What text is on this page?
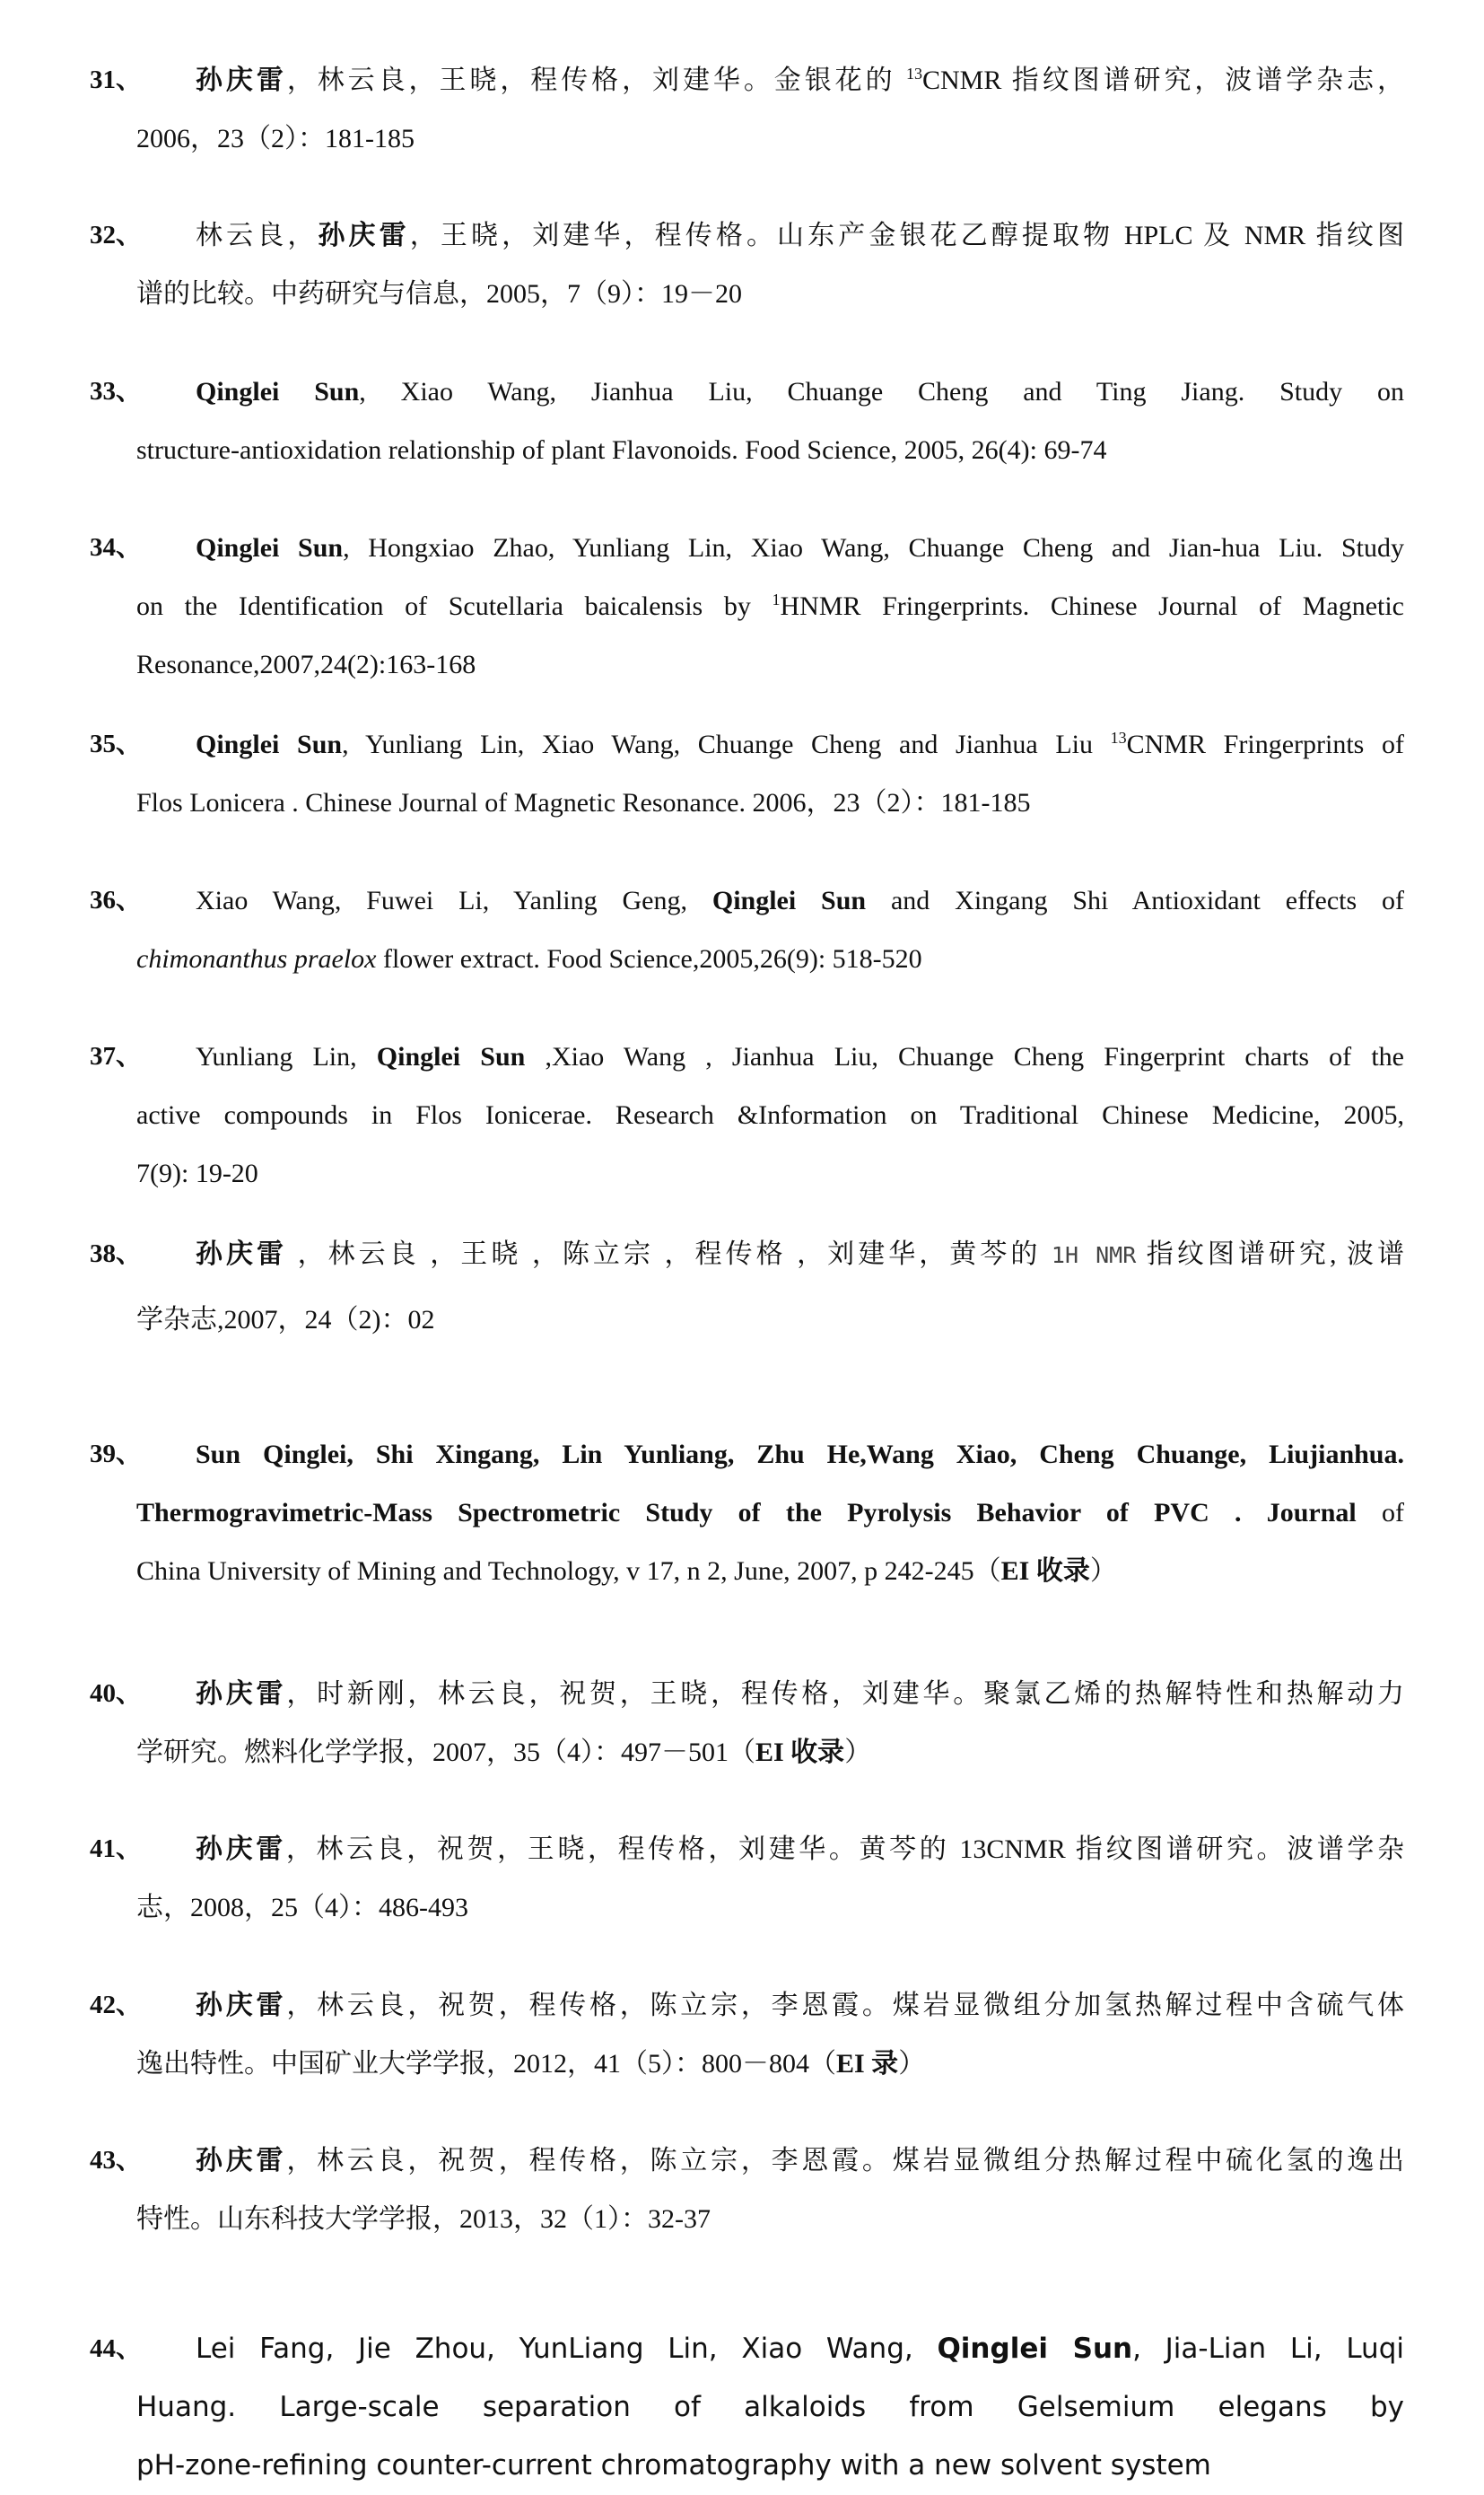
31、 孙庆雷，林云良，王晓，程传格，刘建华。金银花的 $^{13}$CNMR 指纹图谱研究，波谱学杂志，
2006，23（2）：181-185
32、 林云良，孙庆雷，王晓，刘建华，程传格。山东产金银花乙醇提取物 HPLC 及 NMR 指纹图
谱的比较。中药研究与信息，2005，7（9）：19－20
33、 Qinglei Sun, Xiao Wang, Jianhua Liu, Chuange Cheng and Ting Jiang. Study on
structure-antioxidation relationship of plant Flavonoids. Food Science, 2005, 26(4): 69-74
34、 Qinglei Sun, Hongxiao Zhao, Yunliang Lin, Xiao Wang, Chuange Cheng and Jian-hua Liu. Study
on the Identification of Scutellaria baicalensis by $^1$HNMR Fringerprints. Chinese Journal of Magnetic
Resonance,2007,24(2):163-168
35、 Qinglei Sun, Yunliang Lin, Xiao Wang, Chuange Cheng and Jianhua Liu $^{13}$CNMR Fringerprints of
Flos Lonicera . Chinese Journal of Magnetic Resonance. 2006，23（2）：181-185
36、 Xiao Wang, Fuwei Li, Yanling Geng, Qinglei Sun and Xingang Shi Antioxidant effects of
chimonanthus praelox flower extract. Food Science,2005,26(9): 518-520
37、 Yunliang Lin, Qinglei Sun ,Xiao Wang , Jianhua Liu, Chuange Cheng Fingerprint charts of the
active compounds in Flos Ionicerae. Research &Information on Traditional Chinese Medicine, 2005,
7(9): 19-20
38、 孙庆雷 ，林云良 ，王晓 ，陈立宗 ，程传格 ，刘建华，黄芩的 1H NMR 指纹图谱研究, 波谱
学杂志,2007，24（2)：02
39、 Sun Qinglei, Shi Xingang, Lin Yunliang, Zhu He,Wang Xiao, Cheng Chuange, Liujianhua.
Thermogravimetric-Mass Spectrometric Study of the Pyrolysis Behavior of PVC . Journal of
China University of Mining and Technology, v 17, n 2, June, 2007, p 242-245（EI 收录）
40、 孙庆雷，时新刚，林云良，祝贺，王晓，程传格，刘建华。聚氯乙烯的热解特性和热解动力
学研究。燃料化学学报，2007，35（4）：497－501（EI 收录）
41、 孙庆雷，林云良，祝贺，王晓，程传格，刘建华。黄芩的 13CNMR 指纹图谱研究。波谱学杂
志，2008，25（4）：486-493
42、 孙庆雷，林云良，祝贺，程传格，陈立宗，李恩霞。煤岩显微组分加氢热解过程中含硫气体
逸出特性。中国矿业大学学报，2012，41（5）：800－804（EI 录）
43、 孙庆雷，林云良，祝贺，程传格，陈立宗，李恩霞。煤岩显微组分热解过程中硫化氢的逸出
特性。山东科技大学学报，2013，32（1）：32-37
44、 Lei Fang, Jie Zhou, YunLiang Lin, Xiao Wang, Qinglei Sun, Jia-Lian Li, Luqi
Huang. Large-scale separation of alkaloids from Gelsemium elegans by
pH-zone-refining counter-current chromatography with a new solvent system
